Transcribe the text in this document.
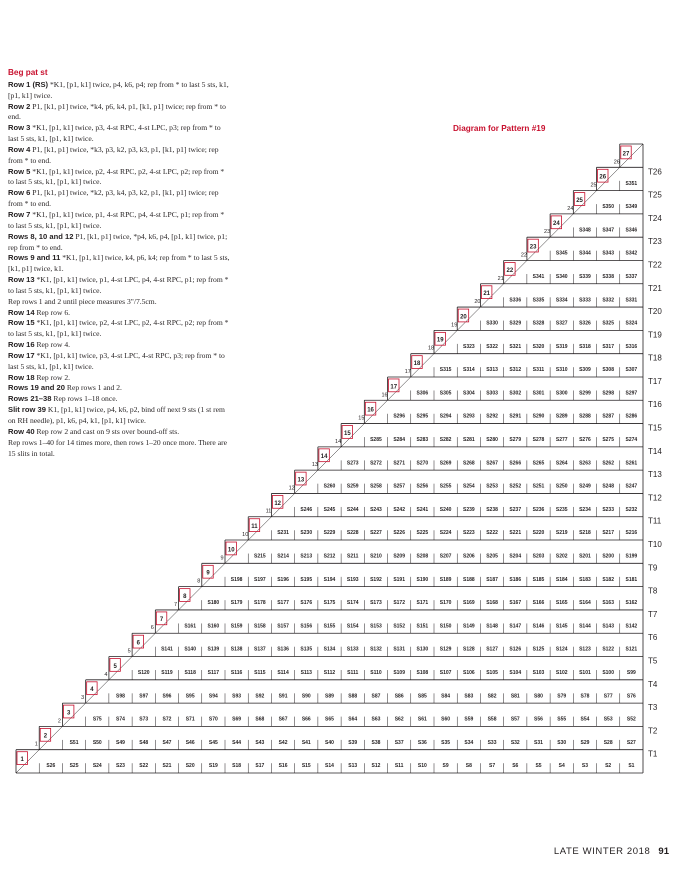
Beg pat st
Row 1 (RS) *K1, [p1, k1] twice, p4, k6, p4; rep from * to last 5 sts, k1, [p1, k1] twice.
Row 2 P1, [k1, p1] twice, *k4, p6, k4, p1, [k1, p1] twice; rep from * to end.
Row 3 *K1, [p1, k1] twice, p3, 4-st RPC, 4-st LPC, p3; rep from * to last 5 sts, k1, [p1, k1] twice.
Row 4 P1, [k1, p1] twice, *k3, p3, k2, p3, k3, p1, [k1, p1] twice; rep from * to end.
Row 5 *K1, [p1, k1] twice, p2, 4-st RPC, p2, 4-st LPC, p2; rep from * to last 5 sts, k1, [p1, k1] twice.
Row 6 P1, [k1, p1] twice, *k2, p3, k4, p3, k2, p1, [k1, p1] twice; rep from * to end.
Row 7 *K1, [p1, k1] twice, p1, 4-st RPC, p4, 4-st LPC, p1; rep from * to last 5 sts, k1, [p1, k1] twice.
Rows 8, 10 and 12 P1, [k1, p1] twice, *p4, k6, p4, [p1, k1] twice, p1; rep from * to end.
Rows 9 and 11 *K1, [p1, k1] twice, k4, p6, k4; rep from * to last 5 sts, [k1, p1] twice, k1.
Row 13 *K1, [p1, k1] twice, p1, 4-st LPC, p4, 4-st RPC, p1; rep from * to last 5 sts, k1, [p1, k1] twice.
Rep rows 1 and 2 until piece measures 3"/7.5cm.
Row 14 Rep row 6.
Row 15 *K1, [p1, k1] twice, p2, 4-st LPC, p2, 4-st RPC, p2; rep from * to last 5 sts, k1, [p1, k1] twice.
Row 16 Rep row 4.
Row 17 *K1, [p1, k1] twice, p3, 4-st LPC, 4-st RPC, p3; rep from * to last 5 sts, k1, [p1, k1] twice.
Row 18 Rep row 2.
Rows 19 and 20 Rep rows 1 and 2.
Rows 21–38 Rep rows 1–18 once.
Slit row 39 K1, [p1, k1] twice, p4, k6, p2, bind off next 9 sts (1 st rem on RH needle), p1, k6, p4, k1, [p1, k1] twice.
Row 40 Rep row 2 and cast on 9 sts over bound-off sts.
Rep rows 1–40 for 14 times more, then rows 1–20 once more. There are 15 slits in total.
Diagram for Pattern #19
1
S26	S25	S24	S23	S22	S21	S20	S19	S18	S17	S16	S15	S14	S13	S12	S11	S10	S9	S8	S7	S6	S5	S4	S3	S2	S1
3
S75	S74	S73	S72	S71	S70	S69	S68	S67	S66	S65	S64	S63	S62	S61	S60	S59	S58	S57	S56	S55	S54	S53	S52
5
S120 S119 S118 S117 S116 S115 S114 S113 S112 S111 S110 S109 S108 S107 S106 S105 S104 S103 S102 S101 S100	S99
7
S161 S160 S159 S158 S157 S156 S155 S154 S153 S152 S151 S150 S149 S148 S147 S146 S145 S144 S143 S142
9
S198 S197 S196 S195 S194 S193 S192 S191 S190 S189 S188 S187 S186 S185 S184 S183 S182 S181
11
S231 S230 S229 S228 S227 S226 S225 S224 S223 S222 S221 S220 S219 S218 S217 S216
13
S260 S259 S258 S257 S256 S255 S254 S253 S252 S251 S250 S249 S248 S247
15
S285 S284 S283 S282 S281 S280 S279 S278 S277 S276 S275 S274
17
S306 S305 S304 S303 S302 S301 S300 S299 S298 S297
19
S323 S322 S321 S320 S319 S318 S317 S316
21
S336 S335 S334 S333 S332 S331
23
S345 S344 S343 S342
25
S350 S349
27
2
S51	S50	S49	S48	S47	S46	S45	S44	S43	S42	S41	S40	S39	S38	S37	S36	S35	S34	S33	S32	S31	S30	S29	S28	S27
4
S98	S97	S96	S95	S94	S93	S92	S91	S90	S89	S88	S87	S86	S85	S84	S83	S82	S81	S80	S79	S78	S77	S76
6
S141 S140 S139 S138 S137 S136 S135 S134 S133 S132 S131 S130 S129 S128 S127 S126 S125 S124 S123 S122 S121
8
S180 S179 S178 S177 S176 S175 S174 S173 S172 S171 S170 S169 S168 S167 S166 S165 S164 S163 S162
10
S215 S214 S213 S212 S211 S210 S209 S208 S207 S206 S205 S204 S203 S202 S201 S200 S199
12
S246 S245 S244 S243 S242 S241 S240 S239 S238 S237 S236 S235 S234 S233 S232
14
S273 S272 S271 S270 S269 S268 S267 S266 S265 S264 S263 S262 S261
16
S296 S295 S294 S293 S292 S291 S290 S289 S288 S287 S286
18
S315 S314 S313 S312 S311 S310 S309 S308 S307
20
S330 S329 S328 S327 S326 S325 S324
22
S341 S340 S339 S338 S337
24
S348 S347 S346
26
S351
1
2
3
4
5
6
7
8
9
10
11
12
13
14
15
16
17
18
19
20
21
22
23
24
25
26
T1
T2
T3
T4
T5
T6
T7
T8
T9
T10
T11
T12
T13
T14
T15
T16
T17
T18
T19
T20
T21
T22
T23
T24
T25
T26
LATE WINTER 2018 91
